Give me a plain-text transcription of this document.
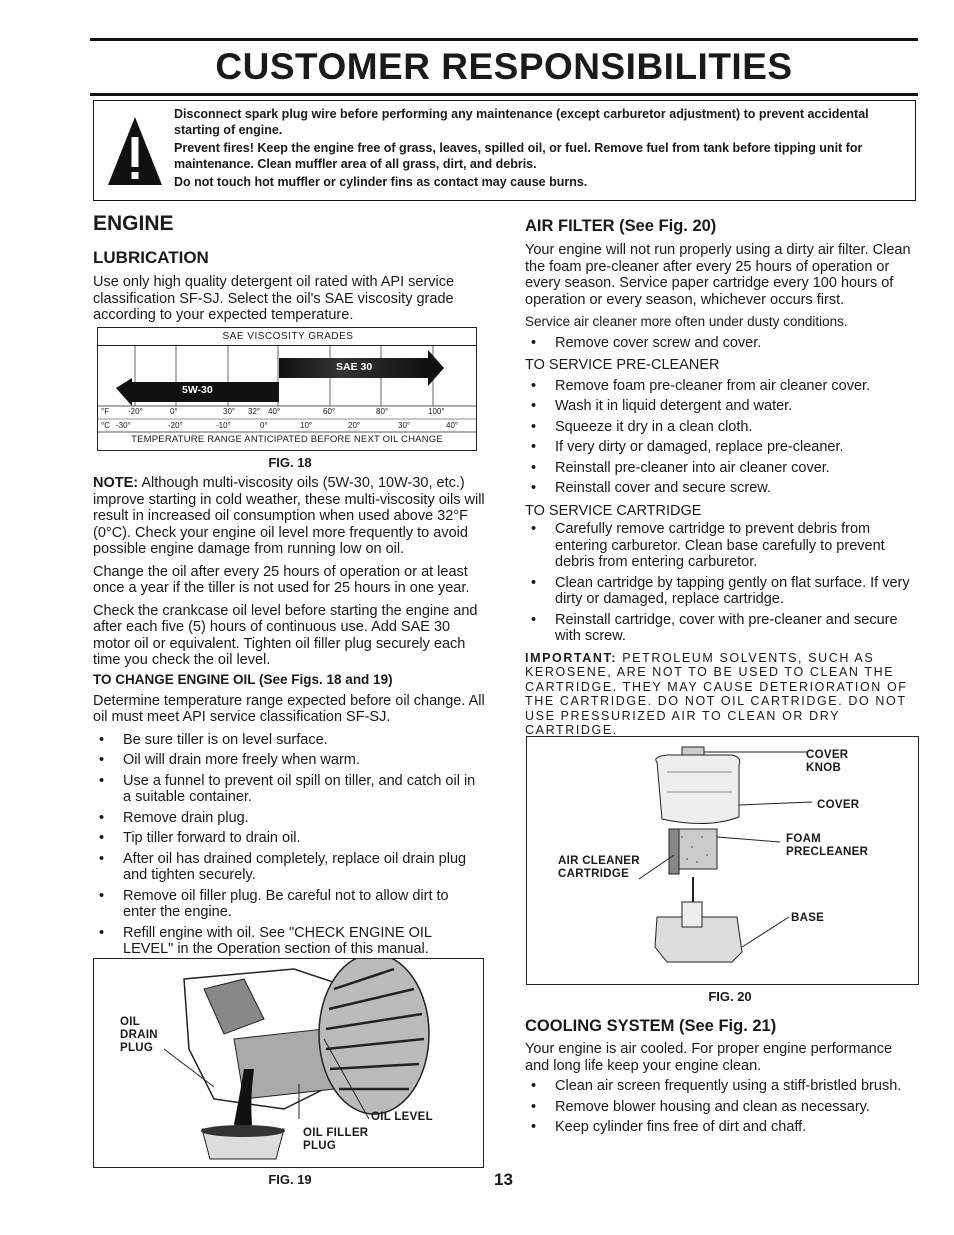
CUSTOMER RESPONSIBILITIES

Disconnect spark plug wire before performing any maintenance (except carburetor adjustment) to prevent accidental starting of engine.

Prevent fires! Keep the engine free of grass, leaves, spilled oil, or fuel. Remove fuel from tank before tipping unit for maintenance. Clean muffler area of all grass, dirt, and debris.

Do not touch hot muffler or cylinder fins as contact may cause burns.

ENGINE
LUBRICATION

Use only high quality detergent oil rated with API service classification SF-SJ. Select the oil's SAE viscosity grade according to your expected temperature.

SAE VISCOSITY GRADES
SAE 30
5W-30
°F
°C
-20°	0°	30° 32° 40°	60°	80°	100°
-30°	-20°	-10°	0°	10°	20°	30°	40°
TEMPERATURE RANGE ANTICIPATED BEFORE NEXT OIL CHANGE
FIG. 18

NOTE: Although multi-viscosity oils (5W-30, 10W-30, etc.) improve starting in cold weather, these multi-viscosity oils will result in increased oil consumption when used above 32°F (0°C). Check your engine oil level more frequently to avoid possible engine damage from running low on oil.

Change the oil after every 25 hours of operation or at least once a year if the tiller is not used for 25 hours in one year.

Check the crankcase oil level before starting the engine and after each five (5) hours of continuous use. Add SAE 30 motor oil or equivalent. Tighten oil filler plug securely each time you check the oil level.

TO CHANGE ENGINE OIL (See Figs. 18 and 19)

Determine temperature range expected before oil change. All oil must meet API service classification SF-SJ.

• Be sure tiller is on level surface.
• Oil will drain more freely when warm.
• Use a funnel to prevent oil spill on tiller, and catch oil in a suitable container.
• Remove drain plug.
• Tip tiller forward to drain oil.
• After oil has drained completely, replace oil drain plug and tighten securely.
• Remove oil filler plug. Be careful not to allow dirt to enter the engine.
• Refill engine with oil. See "CHECK ENGINE OIL LEVEL" in the Operation section of this manual.
OIL
DRAIN
PLUG
OIL LEVEL
OIL FILLER
PLUG
FIG. 19
AIR FILTER (See Fig. 20)

Your engine will not run properly using a dirty air filter. Clean the foam pre-cleaner after every 25 hours of operation or every season. Service paper cartridge every 100 hours of operation or every season, whichever occurs first.

Service air cleaner more often under dusty conditions.

• Remove cover screw and cover.
TO SERVICE PRE-CLEANER
• Remove foam pre-cleaner from air cleaner cover.
• Wash it in liquid detergent and water.
• Squeeze it dry in a clean cloth.
• If very dirty or damaged, replace pre-cleaner.
• Reinstall pre-cleaner into air cleaner cover.
• Reinstall cover and secure screw.
TO SERVICE CARTRIDGE
• Carefully remove cartridge to prevent debris from entering carburetor. Clean base carefully to prevent debris from entering carburetor.
• Clean cartridge by tapping gently on flat surface. If very dirty or damaged, replace cartridge.
• Reinstall cartridge, cover with pre-cleaner and secure with screw.

IMPORTANT: PETROLEUM SOLVENTS, SUCH AS KEROSENE, ARE NOT TO BE USED TO CLEAN THE CARTRIDGE. THEY MAY CAUSE DETERIORATION OF THE CARTRIDGE. DO NOT OIL CARTRIDGE. DO NOT USE PRESSURIZED AIR TO CLEAN OR DRY CARTRIDGE.

COVER
KNOB
COVER
FOAM
PRECLEANER
AIR CLEANER
CARTRIDGE
BASE
FIG. 20
COOLING SYSTEM (See Fig. 21)

Your engine is air cooled. For proper engine performance and long life keep your engine clean.

• Clean air screen frequently using a stiff-bristled brush.
• Remove blower housing and clean as necessary.
• Keep cylinder fins free of dirt and chaff.
13
